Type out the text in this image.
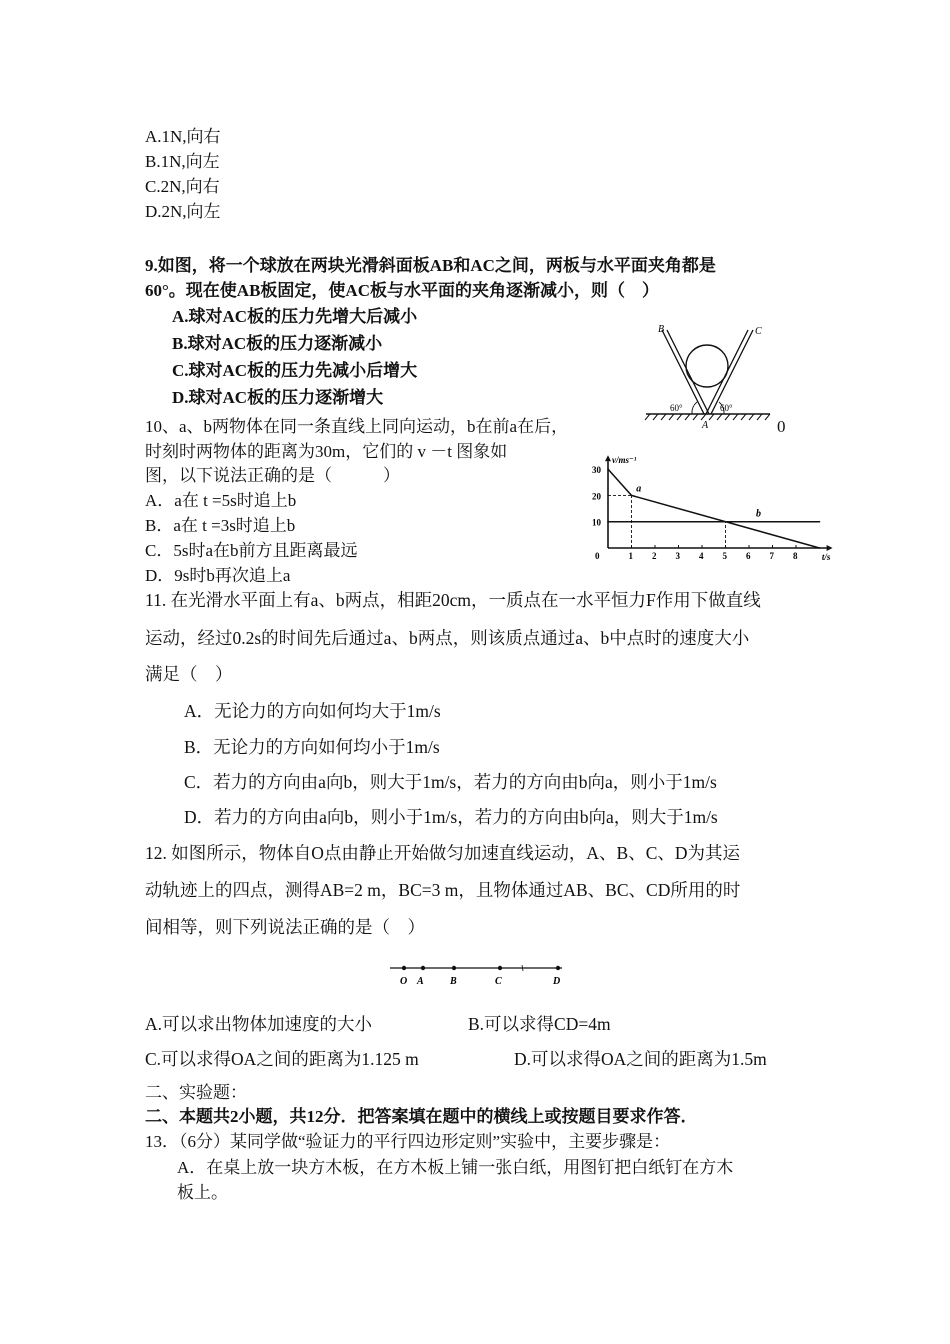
A.1N,向右
B.1N,向左
C.2N,向右
D.2N,向左
9.如图，将一个球放在两块光滑斜面板AB和AC之间，两板与水平面夹角都是
60°。现在使AB板固定，使AC板与水平面的夹角逐渐减小，则（　）
A.球对AC板的压力先增大后减小
B.球对AC板的压力逐渐减小
C.球对AC板的压力先减小后增大
D.球对AC板的压力逐渐增大
B	C
A
60°	60°
10、a、b两物体在同一条直线上同向运动，b在前a在后，	0
时刻时两物体的距离为30m，它们的 v －t 图象如
图，以下说法正确的是（　　　）
A．a在 t =5s时追上b
B．a在 t =3s时追上b
C．5s时a在b前方且距离最远
D．9s时b再次追上a
1 2 3 4 5 6 7 8
30
20
10
0
v/ms⁻¹
t/s
a
b
11. 在光滑水平面上有a、b两点，相距20cm，一质点在一水平恒力F作用下做直线
运动，经过0.2s的时间先后通过a、b两点，则该质点通过a、b中点时的速度大小
满足（　）
A．无论力的方向如何均大于1m/s
B．无论力的方向如何均小于1m/s
C．若力的方向由a向b，则大于1m/s，若力的方向由b向a，则小于1m/s
D．若力的方向由a向b，则小于1m/s，若力的方向由b向a，则大于1m/s
12. 如图所示，物体自O点由静止开始做匀加速直线运动，A、B、C、D为其运
动轨迹上的四点，测得AB=2 m，BC=3 m，且物体通过AB、BC、CD所用的时
间相等，则下列说法正确的是（　）
O A	B	C	D
A.可以求出物体加速度的大小	B.可以求得CD=4m
C.可以求得OA之间的距离为1.125 m	D.可以求得OA之间的距离为1.5m
二、实验题：
二、本题共2小题，共12分．把答案填在题中的横线上或按题目要求作答．
13．（6分）某同学做“验证力的平行四边形定则”实验中，主要步骤是：
A．在桌上放一块方木板，在方木板上铺一张白纸，用图钉把白纸钉在方木
板上。
